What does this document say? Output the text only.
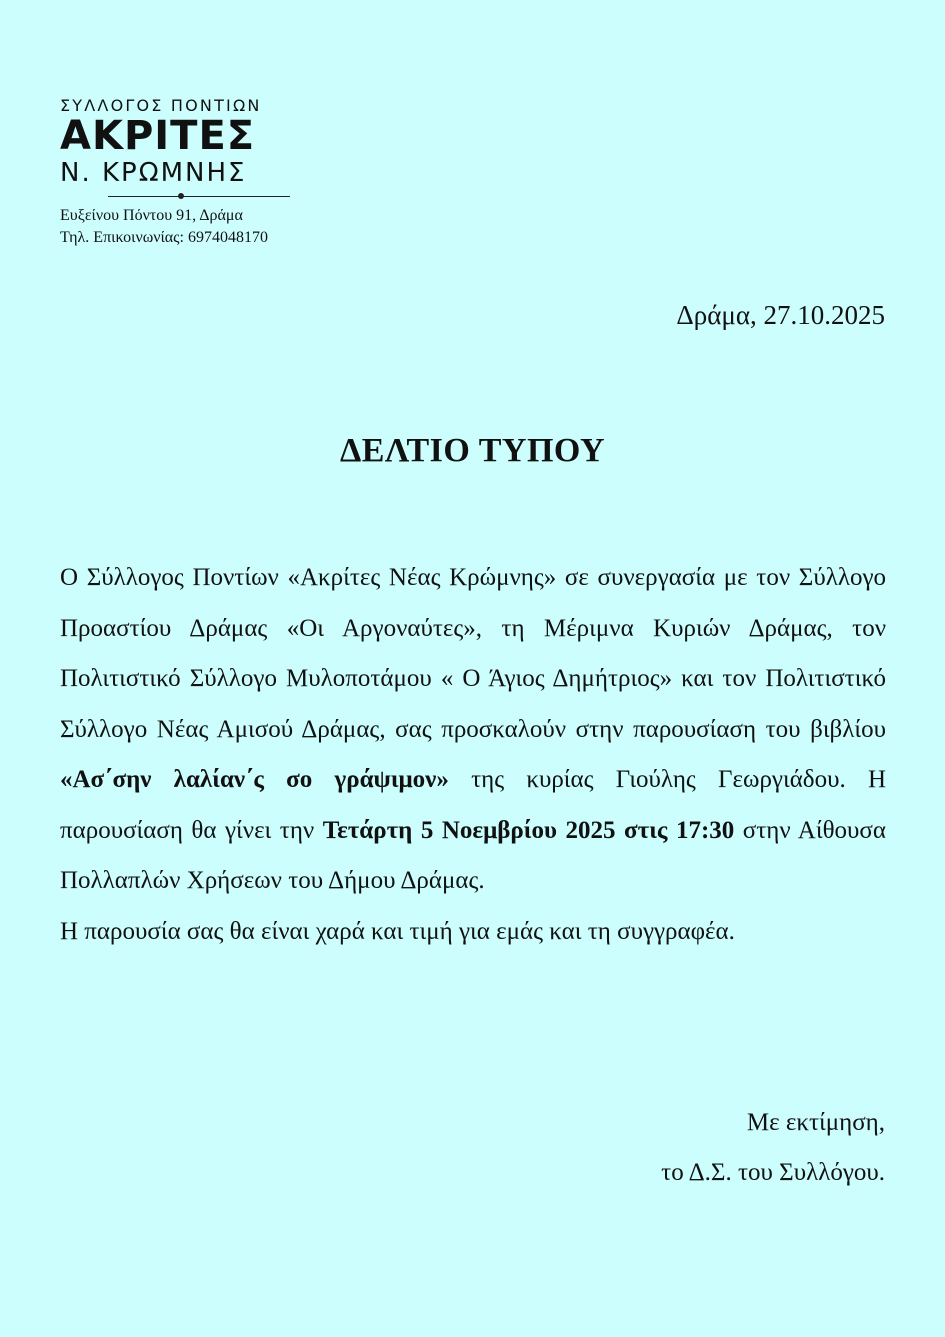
ΣΥΛΛΟΓΟΣ ΠΟΝΤΙΩΝ
ΑΚΡΙΤΕΣ
Ν. ΚΡΩΜΝΗΣ
Ευξείνου Πόντου 91, Δράμα
Τηλ. Επικοινωνίας: 6974048170
Δράμα, 27.10.2025
ΔΕΛΤΙΟ ΤΥΠΟΥ

Ο Σύλλογος Ποντίων «Ακρίτες Νέας Κρώμνης» σε συνεργασία με τον Σύλλογο Προαστίου Δράμας «Οι Αργοναύτες», τη Μέριμνα Κυριών Δράμας, τον Πολιτιστικό Σύλλογο Μυλοποτάμου « Ο Άγιος Δημήτριος» και τον Πολιτιστικό Σύλλογο Νέας Αμισού Δράμας, σας προσκαλούν στην παρουσίαση του βιβλίου «Ασ΄σην λαλίαν΄ς σο γράψιμον» της κυρίας Γιούλης Γεωργιάδου. Η παρουσίαση θα γίνει την Τετάρτη 5 Νοεμβρίου 2025 στις 17:30 στην Αίθουσα Πολλαπλών Χρήσεων του Δήμου Δράμας.

Η παρουσία σας θα είναι χαρά και τιμή για εμάς και τη συγγραφέα.

Με εκτίμηση,
το Δ.Σ. του Συλλόγου.
